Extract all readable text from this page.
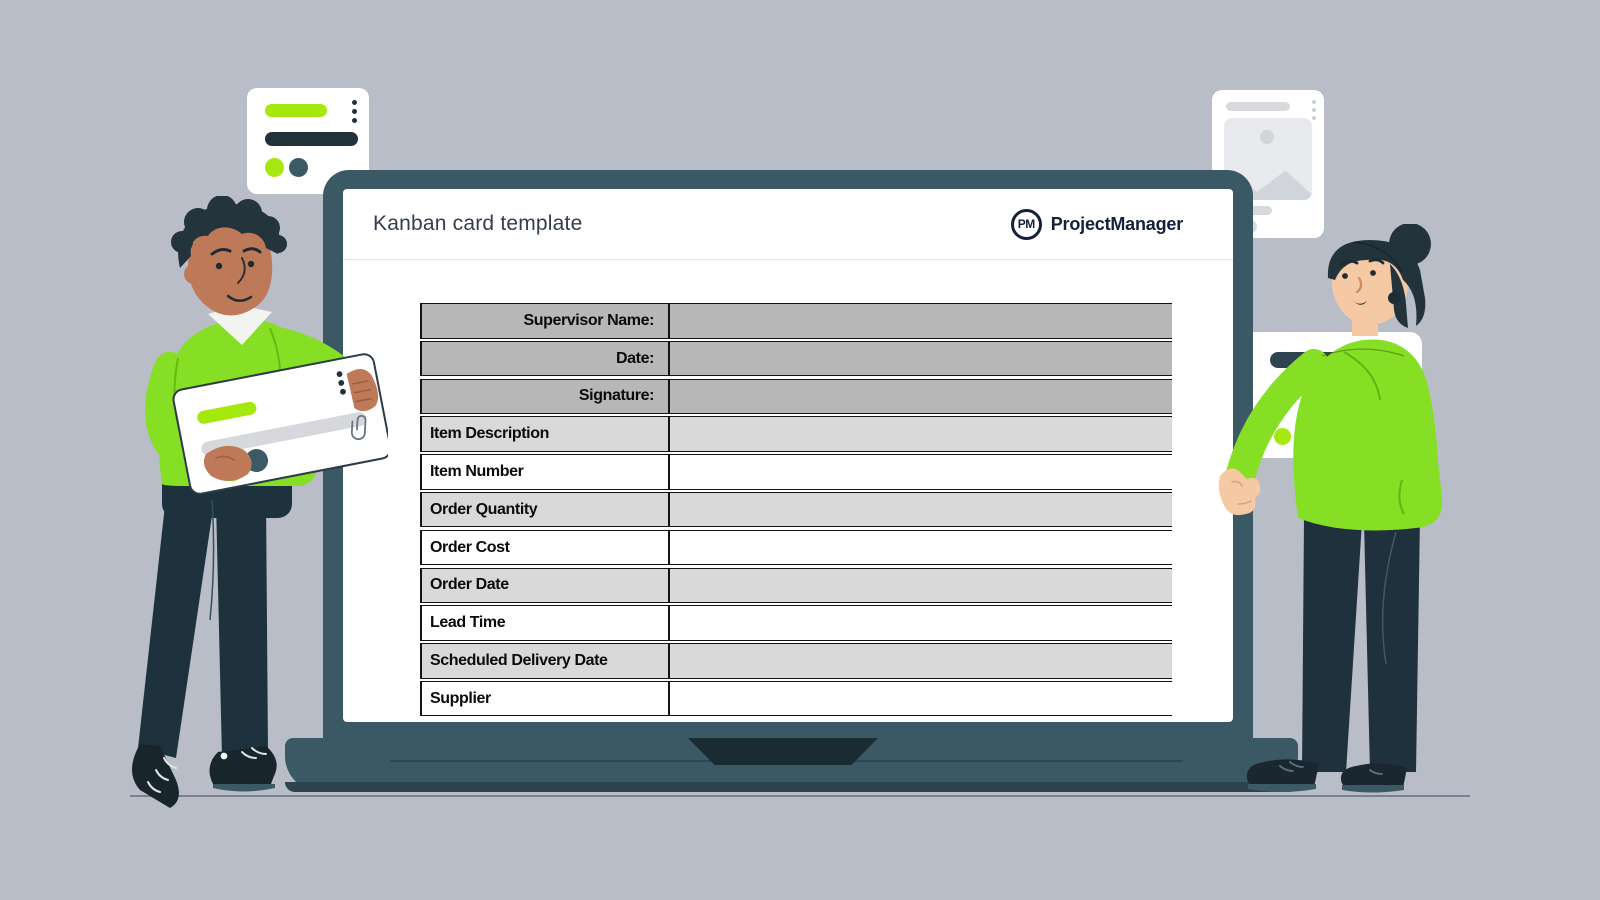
Kanban card template	PM ProjectManager
Supervisor Name:
Date:
Signature:
Item Description
Item Number
Order Quantity
Order Cost
Order Date
Lead Time
Scheduled Delivery Date
Supplier
